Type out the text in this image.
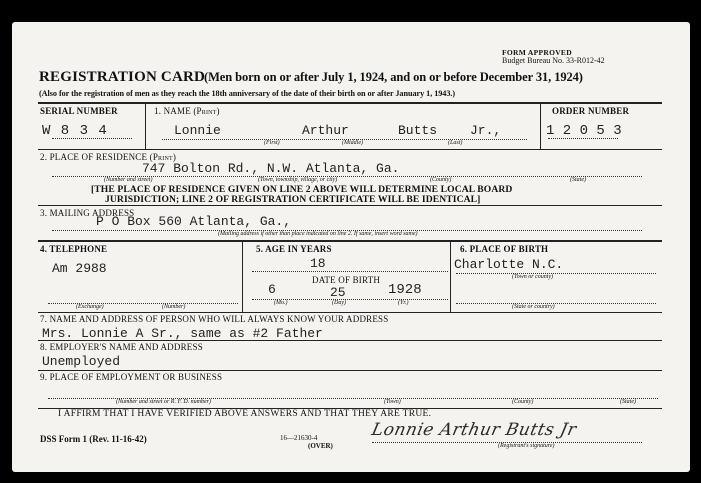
FORM APPROVED
Budget Bureau No. 33-R012-42
REGISTRATION CARD
(Men born on or after July 1, 1924, and on or before December 31, 1924)
(Also for the registration of men as they reach the 18th anniversary of the date of their birth on or after January 1, 1943.)
SERIAL NUMBER
W 8 3 4
1. NAME (Print)
Lonnie	Arthur	Butts	Jr.,
(First)	(Middle)	(Last)
ORDER NUMBER
1 2 0 5 3
2. PLACE OF RESIDENCE (Print)
747 Bolton Rd., N.W. Atlanta, Ga.
(Number and street)	(Town, township, village, or city)	(County)	(State)
[THE PLACE OF RESIDENCE GIVEN ON LINE 2 ABOVE WILL DETERMINE LOCAL BOARD
JURISDICTION; LINE 2 OF REGISTRATION CERTIFICATE WILL BE IDENTICAL]
3. MAILING ADDRESS
P O Box 560 Atlanta, Ga.,
(Mailing address if other than place indicated on line 2. If same, insert word same)
4. TELEPHONE
Am 2988
(Exchange)	(Number)
5. AGE IN YEARS
18
DATE OF BIRTH
6	25	1928
(Mo.)	(Day)	(Yr.)
6. PLACE OF BIRTH
Charlotte N.C.
(Town or county)
(State or country)
7. NAME AND ADDRESS OF PERSON WHO WILL ALWAYS KNOW YOUR ADDRESS
Mrs. Lonnie A Sr., same as #2 Father
8. EMPLOYER'S NAME AND ADDRESS
Unemployed
9. PLACE OF EMPLOYMENT OR BUSINESS
(Number and street or R. F. D. number)	(Town)	(County)	(State)
I AFFIRM THAT I HAVE VERIFIED ABOVE ANSWERS AND THAT THEY ARE TRUE.
DSS Form 1 (Rev. 11-16-42)	16—21630-4
(OVER)
Lonnie Arthur Butts Jr
(Registrant's signature)
